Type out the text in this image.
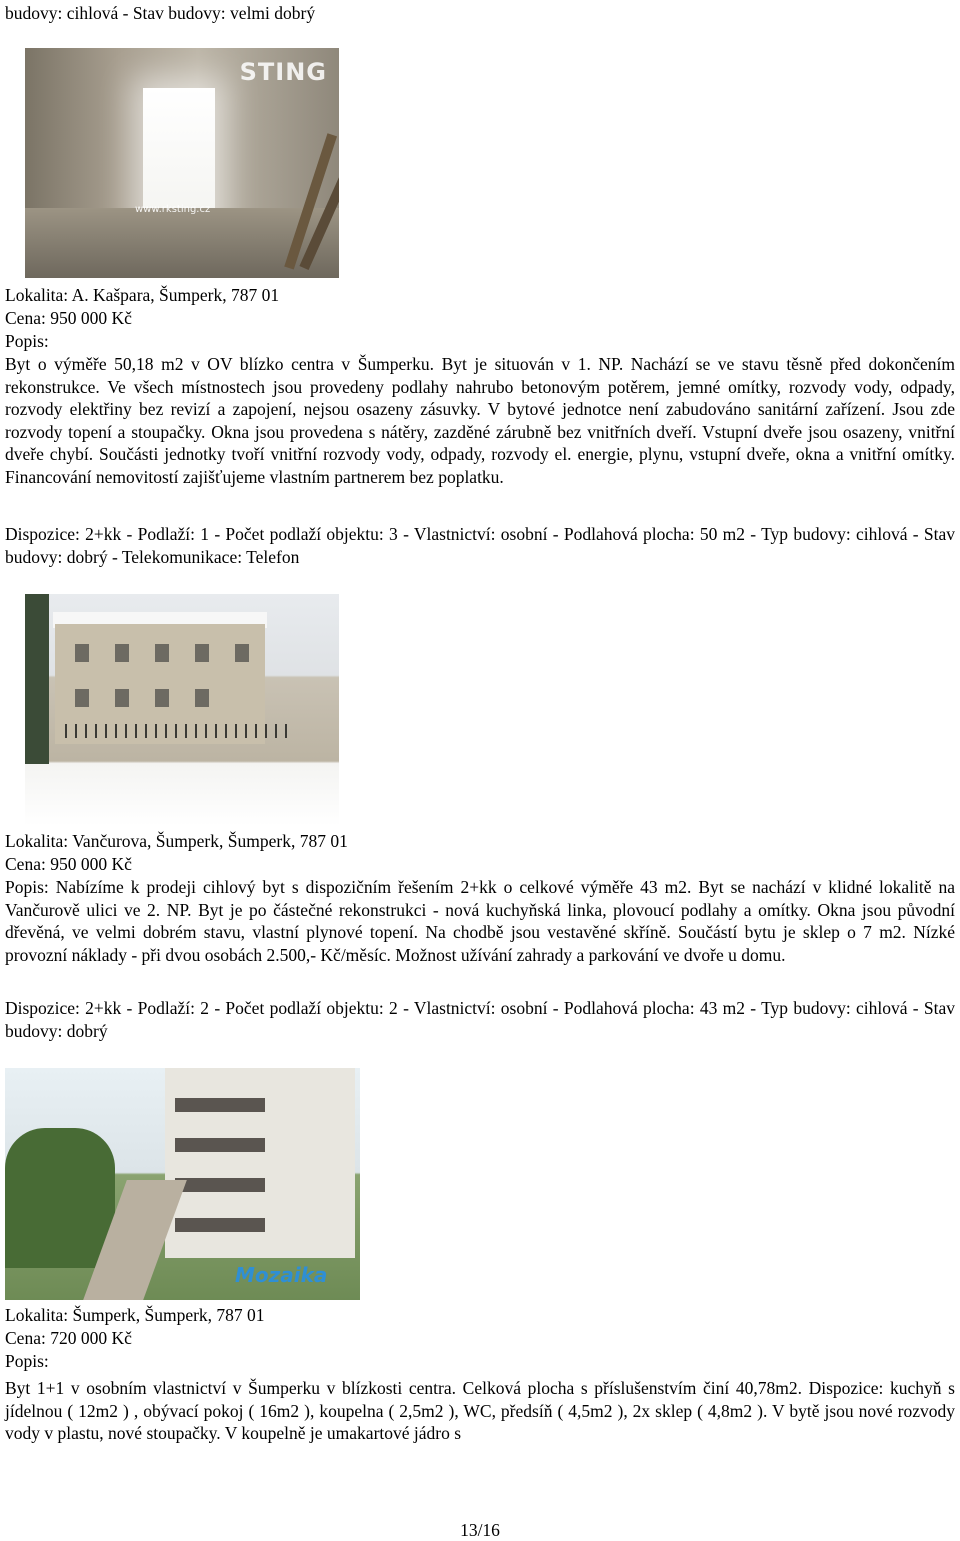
budovy: cihlová - Stav budovy: velmi dobrý
STING
www.rksting.cz
Lokalita: A. Kašpara, Šumperk, 787 01
Cena: 950 000 Kč
Popis:
Byt o výměře 50,18 m2 v OV blízko centra v Šumperku. Byt je situován v 1. NP. Nachází se ve stavu těsně před dokončením rekonstrukce. Ve všech místnostech jsou provedeny podlahy nahrubo betonovým potěrem, jemné omítky, rozvody vody, odpady, rozvody elektřiny bez revizí a zapojení, nejsou osazeny zásuvky. V bytové jednotce není zabudováno sanitární zařízení. Jsou zde rozvody topení a stoupačky. Okna jsou provedena s nátěry, zazděné zárubně bez vnitřních dveří. Vstupní dveře jsou osazeny, vnitřní dveře chybí. Součásti jednotky tvoří vnitřní rozvody vody, odpady, rozvody el. energie, plynu, vstupní dveře, okna a vnitřní omítky. Financování nemovitostí zajišťujeme vlastním partnerem bez poplatku.
Dispozice: 2+kk - Podlaží: 1 - Počet podlaží objektu: 3 - Vlastnictví: osobní - Podlahová plocha: 50 m2 - Typ budovy: cihlová - Stav budovy: dobrý - Telekomunikace: Telefon
Lokalita: Vančurova, Šumperk, Šumperk, 787 01
Cena: 950 000 Kč
Popis: Nabízíme k prodeji cihlový byt s dispozičním řešením 2+kk o celkové výměře 43 m2. Byt se nachází v klidné lokalitě na Vančurově ulici ve 2. NP. Byt je po částečné rekonstrukci - nová kuchyňská linka, plovoucí podlahy a omítky. Okna jsou původní dřevěná, ve velmi dobrém stavu, vlastní plynové topení. Na chodbě jsou vestavěné skříně. Součástí bytu je sklep o 7 m2. Nízké provozní náklady - při dvou osobách 2.500,- Kč/měsíc. Možnost užívání zahrady a parkování ve dvoře u domu.
Dispozice: 2+kk - Podlaží: 2 - Počet podlaží objektu: 2 - Vlastnictví: osobní - Podlahová plocha: 43 m2 - Typ budovy: cihlová - Stav budovy: dobrý
Mozaika
Lokalita: Šumperk, Šumperk, 787 01
Cena: 720 000 Kč
Popis:
Byt 1+1 v osobním vlastnictví v Šumperku v blízkosti centra. Celková plocha s příslušenstvím činí 40,78m2. Dispozice: kuchyň s jídelnou ( 12m2 ) , obývací pokoj ( 16m2 ), koupelna ( 2,5m2 ), WC, předsíň ( 4,5m2 ), 2x sklep ( 4,8m2 ). V bytě jsou nové rozvody vody v plastu, nové stoupačky. V koupelně je umakartové jádro s
13/16
